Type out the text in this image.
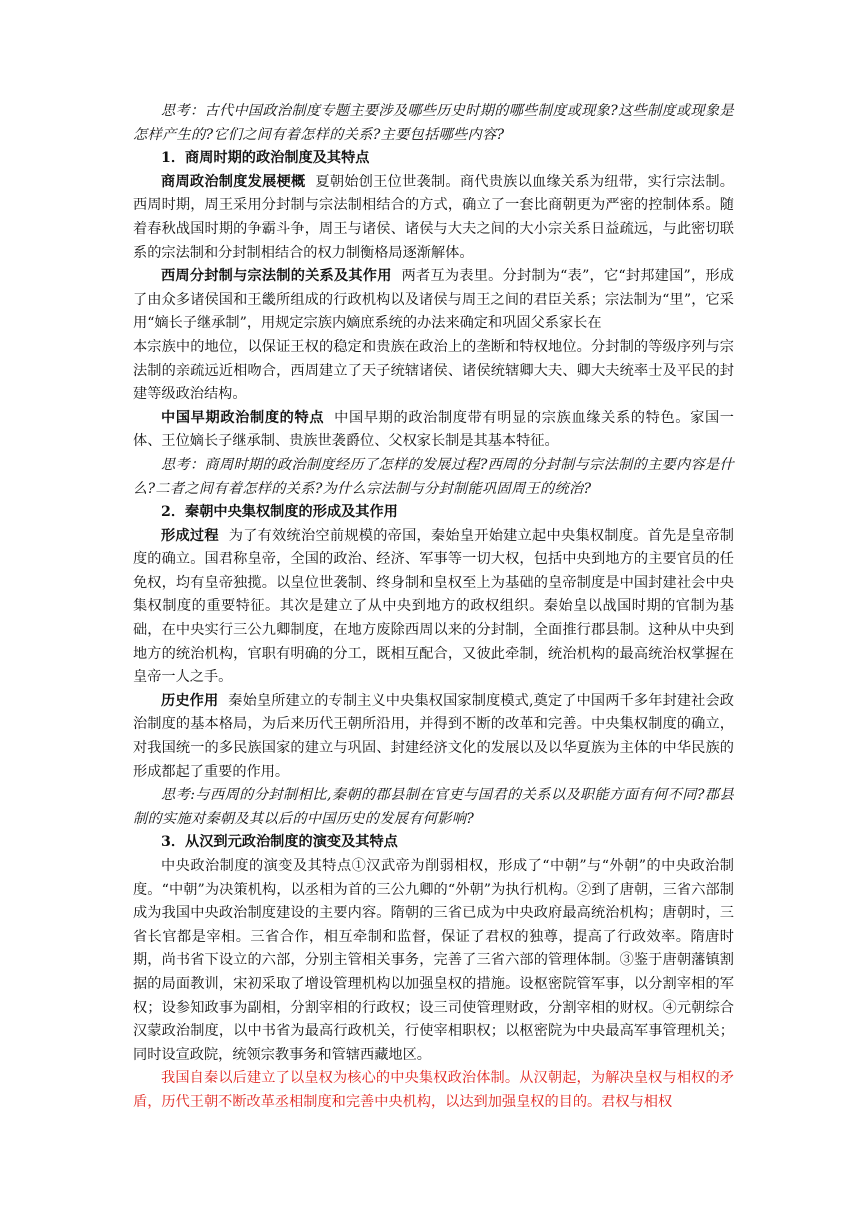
思考：古代中国政治制度专题主要涉及哪些历史时期的哪些制度或现象?这些制度或现象是怎样产生的?它们之间有着怎样的关系?主要包括哪些内容?

1．商周时期的政治制度及其特点

商周政治制度发展梗概 夏朝始创王位世袭制。商代贵族以血缘关系为纽带，实行宗法制。西周时期，周王采用分封制与宗法制相结合的方式，确立了一套比商朝更为严密的控制体系。随着春秋战国时期的争霸斗争，周王与诸侯、诸侯与大夫之间的大小宗关系日益疏远，与此密切联系的宗法制和分封制相结合的权力制衡格局逐渐解体。

西周分封制与宗法制的关系及其作用 两者互为表里。分封制为“表”，它“封邦建国”，形成了由众多诸侯国和王畿所组成的行政机构以及诸侯与周王之间的君臣关系；宗法制为“里”，它采用“嫡长子继承制”，用规定宗族内嫡庶系统的办法来确定和巩固父系家长在

本宗族中的地位，以保证王权的稳定和贵族在政治上的垄断和特权地位。分封制的等级序列与宗法制的亲疏远近相吻合，西周建立了天子统辖诸侯、诸侯统辖卿大夫、卿大夫统率士及平民的封建等级政治结构。

中国早期政治制度的特点 中国早期的政治制度带有明显的宗族血缘关系的特色。家国一体、王位嫡长子继承制、贵族世袭爵位、父权家长制是其基本特征。

思考：商周时期的政治制度经历了怎样的发展过程?西周的分封制与宗法制的主要内容是什么?二者之间有着怎样的关系?为什么宗法制与分封制能巩固周王的统治?

2．秦朝中央集权制度的形成及其作用

形成过程 为了有效统治空前规模的帝国，秦始皇开始建立起中央集权制度。首先是皇帝制度的确立。国君称皇帝，全国的政治、经济、军事等一切大权，包括中央到地方的主要官员的任免权，均有皇帝独揽。以皇位世袭制、终身制和皇权至上为基础的皇帝制度是中国封建社会中央集权制度的重要特征。其次是建立了从中央到地方的政权组织。秦始皇以战国时期的官制为基础，在中央实行三公九卿制度，在地方废除西周以来的分封制，全面推行郡县制。这种从中央到地方的统治机构，官职有明确的分工，既相互配合，又彼此牵制，统治机构的最高统治权掌握在皇帝一人之手。

历史作用 秦始皇所建立的专制主义中央集权国家制度模式,奠定了中国两千多年封建社会政治制度的基本格局，为后来历代王朝所沿用，并得到不断的改革和完善。中央集权制度的确立，对我国统一的多民族国家的建立与巩固、封建经济文化的发展以及以华夏族为主体的中华民族的形成都起了重要的作用。

思考:与西周的分封制相比,秦朝的郡县制在官吏与国君的关系以及职能方面有何不同?郡县制的实施对秦朝及其以后的中国历史的发展有何影响?

3．从汉到元政治制度的演变及其特点

中央政治制度的演变及其特点①汉武帝为削弱相权，形成了“中朝”与“外朝”的中央政治制度。“中朝”为决策机构，以丞相为首的三公九卿的“外朝”为执行机构。②到了唐朝，三省六部制成为我国中央政治制度建设的主要内容。隋朝的三省已成为中央政府最高统治机构；唐朝时，三省长官都是宰相。三省合作，相互牵制和监督，保证了君权的独尊，提高了行政效率。隋唐时期，尚书省下设立的六部，分别主管相关事务，完善了三省六部的管理体制。③鉴于唐朝藩镇割据的局面教训，宋初采取了增设管理机构以加强皇权的措施。设枢密院管军事，以分割宰相的军权；设参知政事为副相，分割宰相的行政权；设三司使管理财政，分割宰相的财权。④元朝综合汉蒙政治制度，以中书省为最高行政机关，行使宰相职权；以枢密院为中央最高军事管理机关；同时设宣政院，统领宗教事务和管辖西藏地区。

我国自秦以后建立了以皇权为核心的中央集权政治体制。从汉朝起，为解决皇权与相权的矛盾，历代王朝不断改革丞相制度和完善中央机构，以达到加强皇权的目的。君权与相权
